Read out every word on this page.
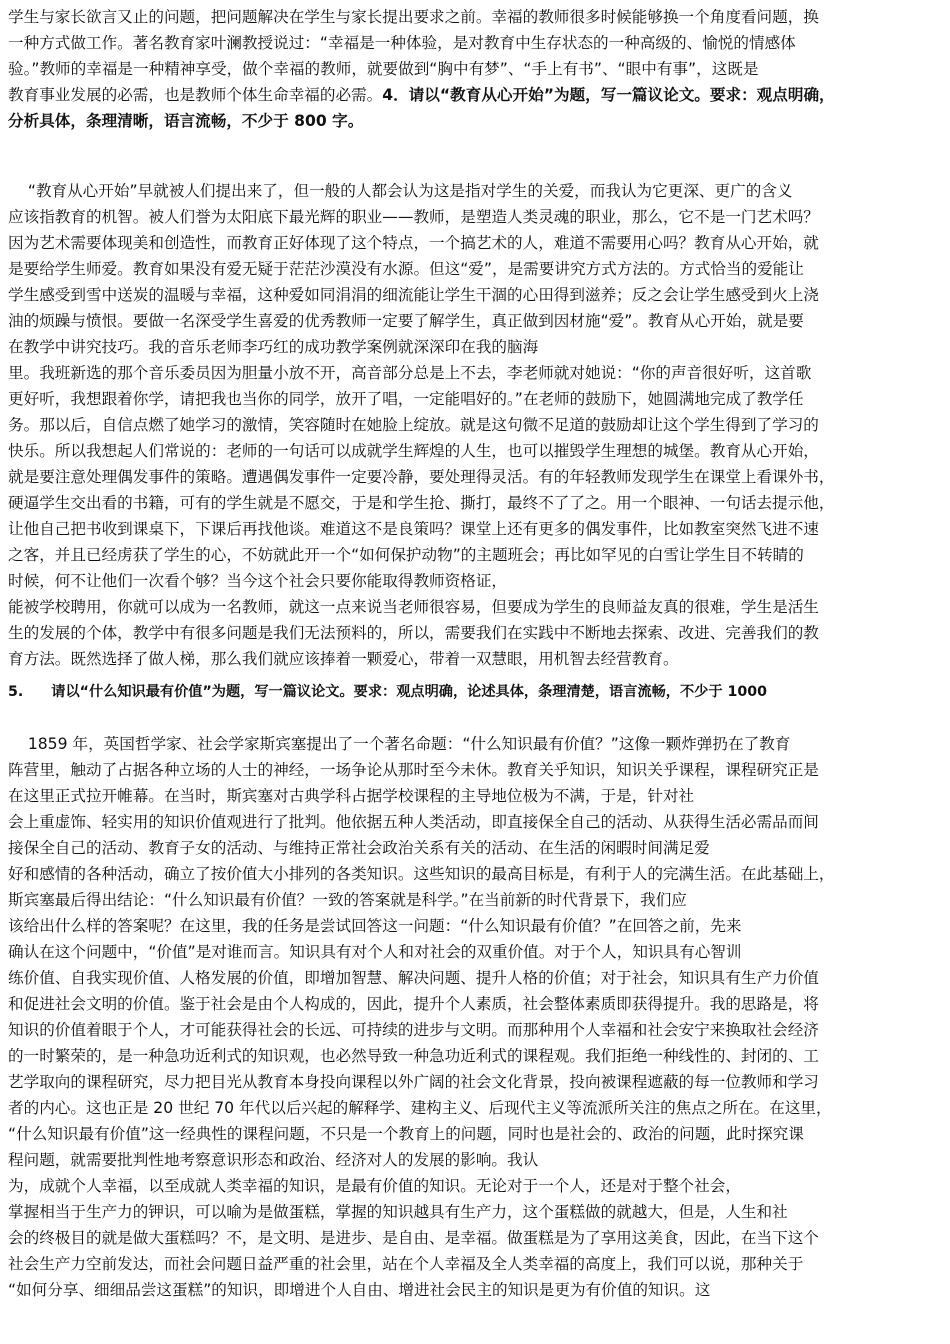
学生与家长欲言又止的问题，把问题解决在学生与家长提出要求之前。幸福的教师很多时候能够换一个角度看问题，换
一种方式做工作。著名教育家叶澜教授说过：“幸福是一种体验，是对教育中生存状态的一种高级的、愉悦的情感体
验。”教师的幸福是一种精神享受，做个幸福的教师，就要做到“胸中有梦”、“手上有书”、“眼中有事”，这既是
教育事业发展的必需，也是教师个体生命幸福的必需。4．请以“教育从心开始”为题，写一篇议论文。要求：观点明确，
分析具体，条理清晰，语言流畅，不少于 800 字。
“教育从心开始”早就被人们提出来了，但一般的人都会认为这是指对学生的关爱，而我认为它更深、更广的含义
应该指教育的机智。被人们誉为太阳底下最光辉的职业——教师，是塑造人类灵魂的职业，那么，它不是一门艺术吗？
因为艺术需要体现美和创造性，而教育正好体现了这个特点，一个搞艺术的人，难道不需要用心吗？教育从心开始，就
是要给学生师爱。教育如果没有爱无疑于茫茫沙漠没有水源。但这“爱”，是需要讲究方式方法的。方式恰当的爱能让
学生感受到雪中送炭的温暖与幸福，这种爱如同涓涓的细流能让学生干涸的心田得到滋养；反之会让学生感受到火上浇
油的烦躁与愤恨。要做一名深受学生喜爱的优秀教师一定要了解学生，真正做到因材施“爱”。教育从心开始，就是要
在教学中讲究技巧。我的音乐老师李巧红的成功教学案例就深深印在我的脑海
里。我班新选的那个音乐委员因为胆量小放不开，高音部分总是上不去，李老师就对她说：“你的声音很好听，这首歌
更好听，我想跟着你学，请把我也当你的同学，放开了唱，一定能唱好的。”在老师的鼓励下，她圆满地完成了教学任
务。那以后，自信点燃了她学习的激情，笑容随时在她脸上绽放。就是这句微不足道的鼓励却让这个学生得到了学习的
快乐。所以我想起人们常说的：老师的一句话可以成就学生辉煌的人生，也可以摧毁学生理想的城堡。教育从心开始，
就是要注意处理偶发事件的策略。遭遇偶发事件一定要冷静，要处理得灵活。有的年轻教师发现学生在课堂上看课外书，
硬逼学生交出看的书籍，可有的学生就是不愿交，于是和学生抢、撕打，最终不了了之。用一个眼神、一句话去提示他，
让他自己把书收到课桌下，下课后再找他谈。难道这不是良策吗？课堂上还有更多的偶发事件，比如教室突然飞进不速
之客，并且已经虏获了学生的心，不妨就此开一个“如何保护动物”的主题班会；再比如罕见的白雪让学生目不转睛的
时候，何不让他们一次看个够？当今这个社会只要你能取得教师资格证，
能被学校聘用，你就可以成为一名教师，就这一点来说当老师很容易，但要成为学生的良师益友真的很难，学生是活生
生的发展的个体，教学中有很多问题是我们无法预料的，所以，需要我们在实践中不断地去探索、改进、完善我们的教
育方法。既然选择了做人梯，那么我们就应该捧着一颗爱心，带着一双慧眼，用机智去经营教育。
5. 请以“什么知识最有价值”为题，写一篇议论文。要求：观点明确，论述具体，条理清楚，语言流畅，不少于 1000
1859 年，英国哲学家、社会学家斯宾塞提出了一个著名命题：“什么知识最有价值？”这像一颗炸弹扔在了教育
阵营里，触动了占据各种立场的人士的神经，一场争论从那时至今未休。教育关乎知识，知识关乎课程，课程研究正是
在这里正式拉开帷幕。在当时，斯宾塞对古典学科占据学校课程的主导地位极为不满，于是，针对社
会上重虚饰、轻实用的知识价值观进行了批判。他依据五种人类活动，即直接保全自己的活动、从获得生活必需品而间
接保全自己的活动、教育子女的活动、与维持正常社会政治关系有关的活动、在生活的闲暇时间满足爱
好和感情的各种活动，确立了按价值大小排列的各类知识。这些知识的最高目标是，有利于人的完满生活。在此基础上，
斯宾塞最后得出结论：“什么知识最有价值？一致的答案就是科学。”在当前新的时代背景下，我们应
该给出什么样的答案呢？在这里，我的任务是尝试回答这一问题：“什么知识最有价值？”在回答之前，先来
确认在这个问题中，“价值”是对谁而言。知识具有对个人和对社会的双重价值。对于个人，知识具有心智训
练价值、自我实现价值、人格发展的价值，即增加智慧、解决问题、提升人格的价值；对于社会，知识具有生产力价值
和促进社会文明的价值。鉴于社会是由个人构成的，因此，提升个人素质，社会整体素质即获得提升。我的思路是，将
知识的价值着眼于个人，才可能获得社会的长远、可持续的进步与文明。而那种用个人幸福和社会安宁来换取社会经济
的一时繁荣的，是一种急功近利式的知识观，也必然导致一种急功近利式的课程观。我们拒绝一种线性的、封闭的、工
艺学取向的课程研究，尽力把目光从教育本身投向课程以外广阔的社会文化背景，投向被课程遮蔽的每一位教师和学习
者的内心。这也正是 20 世纪 70 年代以后兴起的解释学、建构主义、后现代主义等流派所关注的焦点之所在。在这里，
“什么知识最有价值”这一经典性的课程问题，不只是一个教育上的问题，同时也是社会的、政治的问题，此时探究课
程问题，就需要批判性地考察意识形态和政治、经济对人的发展的影响。我认
为，成就个人幸福，以至成就人类幸福的知识，是最有价值的知识。无论对于一个人，还是对于整个社会，
掌握相当于生产力的钾识，可以喻为是做蛋糕，掌握的知识越具有生产力，这个蛋糕做的就越大，但是，人生和社
会的终极目的就是做大蛋糕吗？不，是文明、是进步、是自由、是幸福。做蛋糕是为了享用这美食，因此，在当下这个
社会生产力空前发达，而社会问题日益严重的社会里，站在个人幸福及全人类幸福的高度上，我们可以说，那种关于
“如何分享、细细品尝这蛋糕”的知识，即增进个人自由、增进社会民主的知识是更为有价值的知识。这
